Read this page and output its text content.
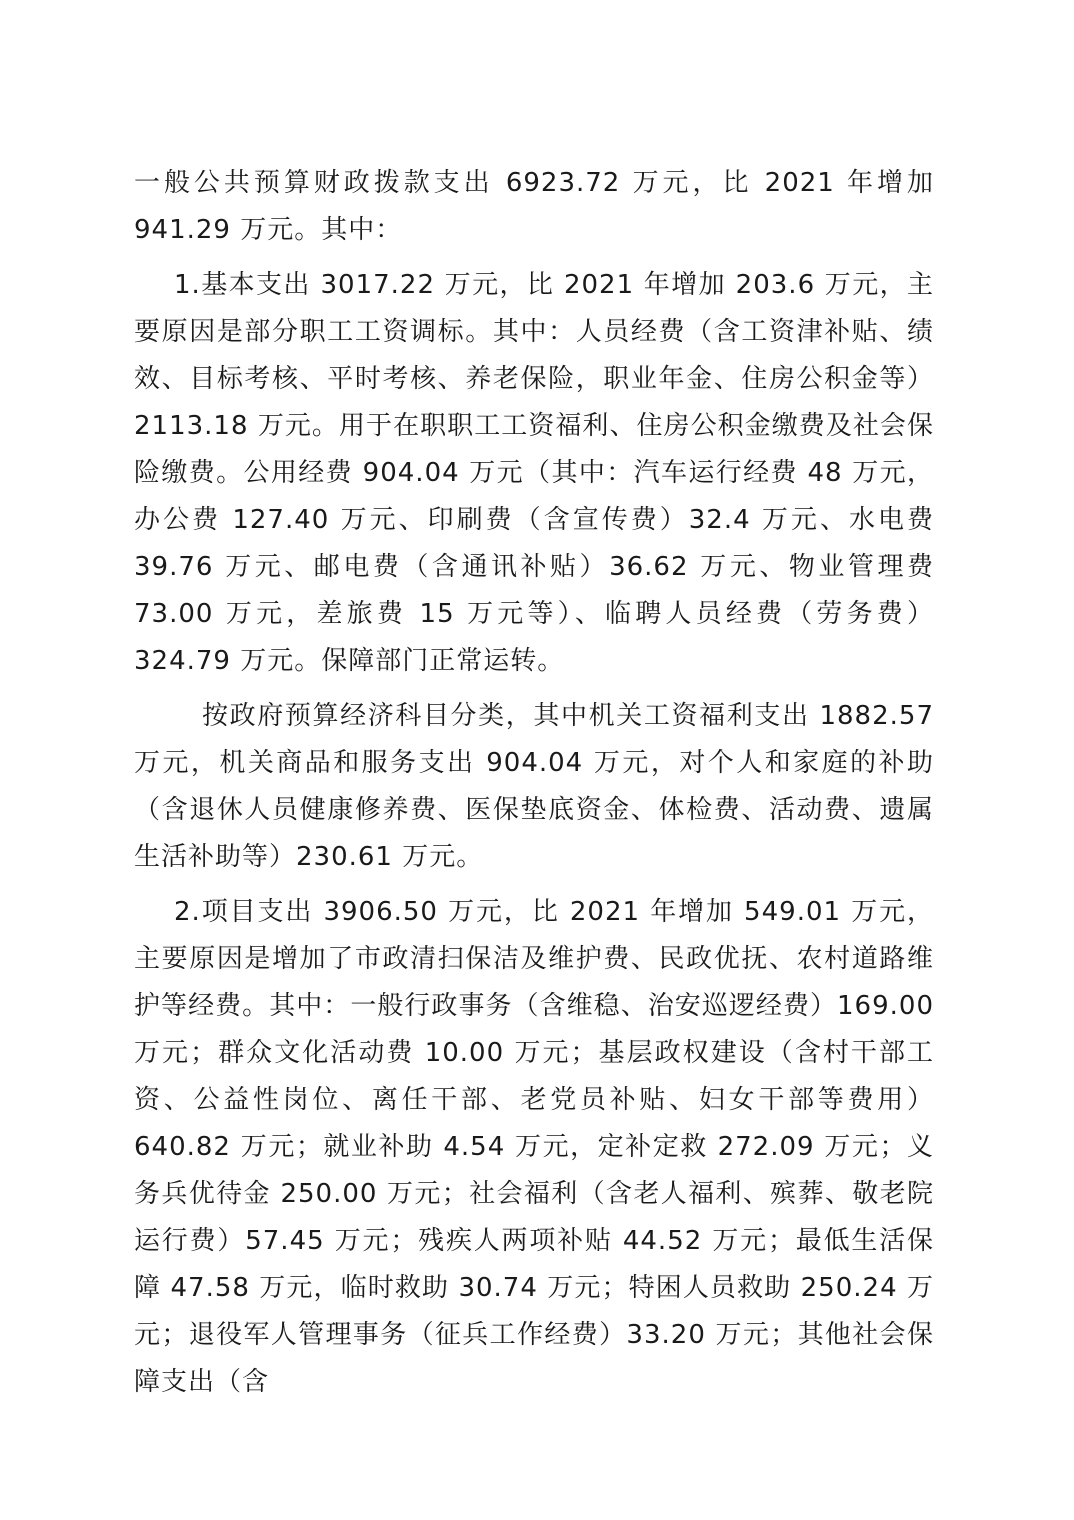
一般公共预算财政拨款支出 6923.72 万元，比 2021 年增加 941.29 万元。其中：

1.基本支出 3017.22 万元，比 2021 年增加 203.6 万元，主要原因是部分职工工资调标。其中：人员经费（含工资津补贴、绩效、目标考核、平时考核、养老保险，职业年金、住房公积金等）2113.18 万元。用于在职职工工资福利、住房公积金缴费及社会保险缴费。公用经费 904.04 万元（其中：汽车运行经费 48 万元，办公费 127.40 万元、印刷费（含宣传费）32.4 万元、水电费 39.76 万元、邮电费（含通讯补贴）36.62 万元、物业管理费 73.00 万元，差旅费 15 万元等）、临聘人员经费（劳务费）324.79 万元。保障部门正常运转。

按政府预算经济科目分类，其中机关工资福利支出 1882.57 万元，机关商品和服务支出 904.04 万元，对个人和家庭的补助（含退休人员健康修养费、医保垫底资金、体检费、活动费、遗属生活补助等）230.61 万元。

2.项目支出 3906.50 万元，比 2021 年增加 549.01 万元，主要原因是增加了市政清扫保洁及维护费、民政优抚、农村道路维护等经费。其中：一般行政事务（含维稳、治安巡逻经费）169.00 万元；群众文化活动费 10.00 万元；基层政权建设（含村干部工资、公益性岗位、离任干部、老党员补贴、妇女干部等费用）640.82 万元；就业补助 4.54 万元，定补定救 272.09 万元；义务兵优待金 250.00 万元；社会福利（含老人福利、殡葬、敬老院运行费）57.45 万元；残疾人两项补贴 44.52 万元；最低生活保障 47.58 万元，临时救助 30.74 万元；特困人员救助 250.24 万元；退役军人管理事务（征兵工作经费）33.20 万元；其他社会保障支出（含
